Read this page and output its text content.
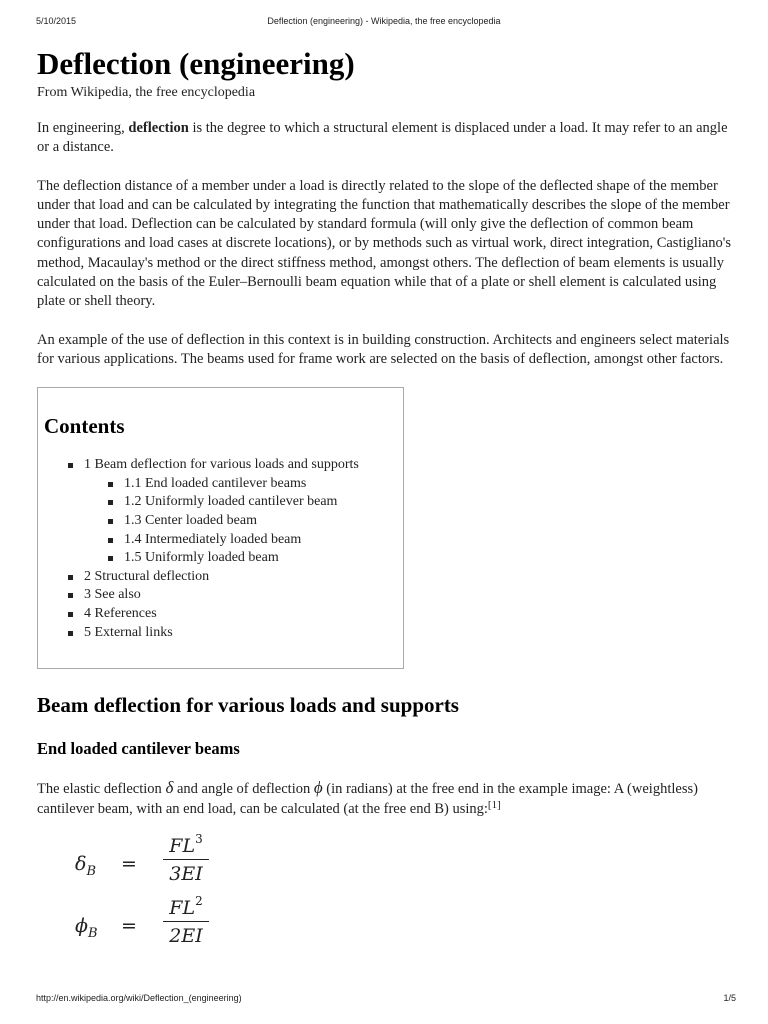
5/10/2015	Deflection (engineering) - Wikipedia, the free encyclopedia
Deflection (engineering)
From Wikipedia, the free encyclopedia

In engineering, deflection is the degree to which a structural element is displaced under a load. It may refer to an angle or a distance.

The deflection distance of a member under a load is directly related to the slope of the deflected shape of the member under that load and can be calculated by integrating the function that mathematically describes the slope of the member under that load. Deflection can be calculated by standard formula (will only give the deflection of common beam configurations and load cases at discrete locations), or by methods such as virtual work, direct integration, Castigliano's method, Macaulay's method or the direct stiffness method, amongst others. The deflection of beam elements is usually calculated on the basis of the Euler–Bernoulli beam equation while that of a plate or shell element is calculated using plate or shell theory.

An example of the use of deflection in this context is in building construction. Architects and engineers select materials for various applications. The beams used for frame work are selected on the basis of deflection, amongst other factors.

Contents
1 Beam deflection for various loads and supports
1.1 End loaded cantilever beams
1.2 Uniformly loaded cantilever beam
1.3 Center loaded beam
1.4 Intermediately loaded beam
1.5 Uniformly loaded beam
2 Structural deflection
3 See also
4 References
5 External links
Beam deflection for various loads and supports
End loaded cantilever beams

The elastic deflection δ and angle of deflection ϕ (in radians) at the free end in the example image: A (weightless) cantilever beam, with an end load, can be calculated (at the free end B) using:[1]

$\delta_B$ =
$FL^3$
3EI
$\phi_B$ =
$FL^2$
2EI
http://en.wikipedia.org/wiki/Deflection_(engineering)	1/5
